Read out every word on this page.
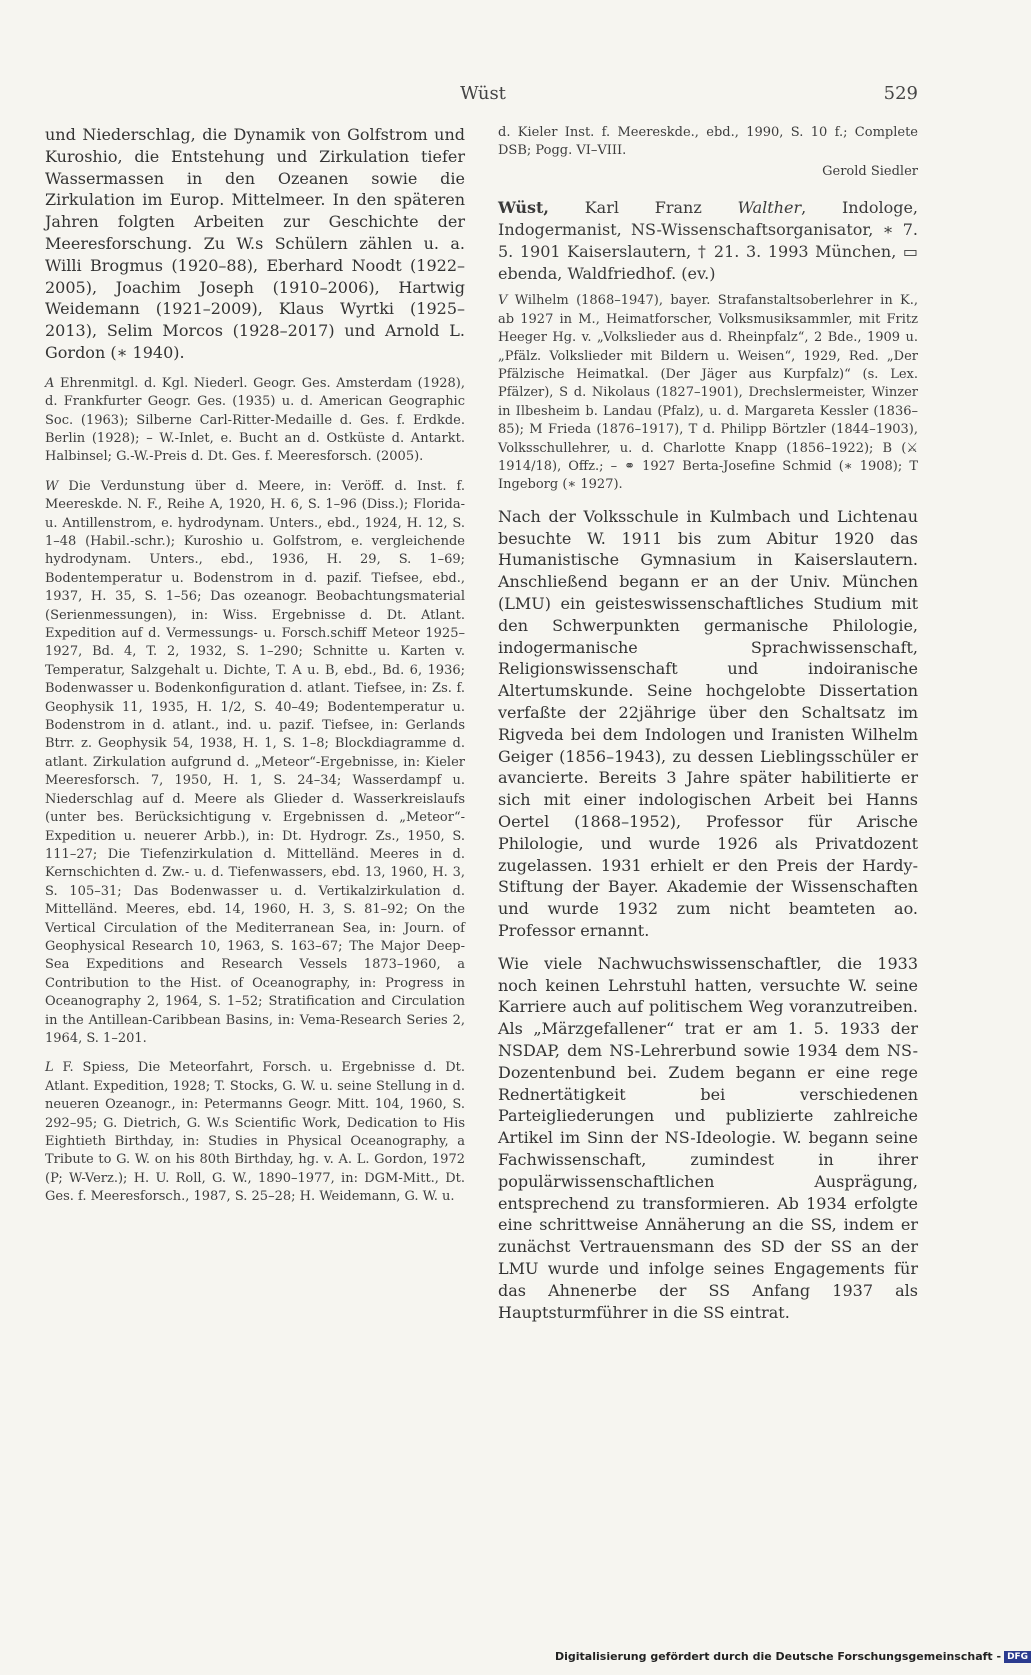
Wüst	529

und Niederschlag, die Dynamik von Golfstrom und Kuroshio, die Entstehung und Zirkulation tiefer Wassermassen in den Ozeanen sowie die Zirkulation im Europ. Mittelmeer. In den späteren Jahren folgten Arbeiten zur Geschichte der Meeresforschung. Zu W.s Schülern zählen u. a. Willi Brogmus (1920–88), Eberhard Noodt (1922–2005), Joachim Joseph (1910–2006), Hartwig Weidemann (1921–2009), Klaus Wyrtki (1925–2013), Selim Morcos (1928–2017) und Arnold L. Gordon (∗ 1940).

A Ehrenmitgl. d. Kgl. Niederl. Geogr. Ges. Amsterdam (1928), d. Frankfurter Geogr. Ges. (1935) u. d. American Geographic Soc. (1963); Silberne Carl-Ritter-Medaille d. Ges. f. Erdkde. Berlin (1928); – W.-Inlet, e. Bucht an d. Ostküste d. Antarkt. Halbinsel; G.-W.-Preis d. Dt. Ges. f. Meeresforsch. (2005).

W Die Verdunstung über d. Meere, in: Veröff. d. Inst. f. Meereskde. N. F., Reihe A, 1920, H. 6, S. 1–96 (Diss.); Florida- u. Antillenstrom, e. hydrodynam. Unters., ebd., 1924, H. 12, S. 1–48 (Habil.-schr.); Kuroshio u. Golfstrom, e. vergleichende hydrodynam. Unters., ebd., 1936, H. 29, S. 1–69; Bodentemperatur u. Bodenstrom in d. pazif. Tiefsee, ebd., 1937, H. 35, S. 1–56; Das ozeanogr. Beobachtungsmaterial (Serienmessungen), in: Wiss. Ergebnisse d. Dt. Atlant. Expedition auf d. Vermessungs- u. Forsch.schiff Meteor 1925–1927, Bd. 4, T. 2, 1932, S. 1–290; Schnitte u. Karten v. Temperatur, Salzgehalt u. Dichte, T. A u. B, ebd., Bd. 6, 1936; Bodenwasser u. Bodenkonfiguration d. atlant. Tiefsee, in: Zs. f. Geophysik 11, 1935, H. 1/2, S. 40–49; Bodentemperatur u. Bodenstrom in d. atlant., ind. u. pazif. Tiefsee, in: Gerlands Btrr. z. Geophysik 54, 1938, H. 1, S. 1–8; Blockdiagramme d. atlant. Zirkulation aufgrund d. „Meteor“-Ergebnisse, in: Kieler Meeresforsch. 7, 1950, H. 1, S. 24–34; Wasserdampf u. Niederschlag auf d. Meere als Glieder d. Wasserkreislaufs (unter bes. Berücksichtigung v. Ergebnissen d. „Meteor“-Expedition u. neuerer Arbb.), in: Dt. Hydrogr. Zs., 1950, S. 111–27; Die Tiefenzirkulation d. Mittelländ. Meeres in d. Kernschichten d. Zw.- u. d. Tiefenwassers, ebd. 13, 1960, H. 3, S. 105–31; Das Bodenwasser u. d. Vertikalzirkulation d. Mittelländ. Meeres, ebd. 14, 1960, H. 3, S. 81–92; On the Vertical Circulation of the Mediterranean Sea, in: Journ. of Geophysical Research 10, 1963, S. 163–67; The Major Deep-Sea Expeditions and Research Vessels 1873–1960, a Contribution to the Hist. of Oceanography, in: Progress in Oceanography 2, 1964, S. 1–52; Stratification and Circulation in the Antillean-Caribbean Basins, in: Vema-Research Series 2, 1964, S. 1–201.

L F. Spiess, Die Meteorfahrt, Forsch. u. Ergebnisse d. Dt. Atlant. Expedition, 1928; T. Stocks, G. W. u. seine Stellung in d. neueren Ozeanogr., in: Petermanns Geogr. Mitt. 104, 1960, S. 292–95; G. Dietrich, G. W.s Scientific Work, Dedication to His Eightieth Birthday, in: Studies in Physical Oceanography, a Tribute to G. W. on his 80th Birthday, hg. v. A. L. Gordon, 1972 (P; W-Verz.); H. U. Roll, G. W., 1890–1977, in: DGM-Mitt., Dt. Ges. f. Meeresforsch., 1987, S. 25–28; H. Weidemann, G. W. u.

d. Kieler Inst. f. Meereskde., ebd., 1990, S. 10 f.; Complete DSB; Pogg. VI–VIII.

Gerold Siedler

Wüst, Karl Franz Walther, Indologe, Indogermanist, NS-Wissenschaftsorganisator, ∗ 7. 5. 1901 Kaiserslautern, † 21. 3. 1993 München, ▭ ebenda, Waldfriedhof. (ev.)

V Wilhelm (1868–1947), bayer. Strafanstaltsoberlehrer in K., ab 1927 in M., Heimatforscher, Volksmusiksammler, mit Fritz Heeger Hg. v. „Volkslieder aus d. Rheinpfalz“, 2 Bde., 1909 u. „Pfälz. Volkslieder mit Bildern u. Weisen“, 1929, Red. „Der Pfälzische Heimatkal. (Der Jäger aus Kurpfalz)“ (s. Lex. Pfälzer), S d. Nikolaus (1827–1901), Drechslermeister, Winzer in Ilbesheim b. Landau (Pfalz), u. d. Margareta Kessler (1836–85); M Frieda (1876–1917), T d. Philipp Börtzler (1844–1903), Volksschullehrer, u. d. Charlotte Knapp (1856–1922); B (⚔ 1914/18), Offz.; – ⚭ 1927 Berta-Josefine Schmid (∗ 1908); T Ingeborg (∗ 1927).

Nach der Volksschule in Kulmbach und Lichtenau besuchte W. 1911 bis zum Abitur 1920 das Humanistische Gymnasium in Kaiserslautern. Anschließend begann er an der Univ. München (LMU) ein geisteswissenschaftliches Studium mit den Schwerpunkten germanische Philologie, indogermanische Sprachwissenschaft, Religionswissenschaft und indoiranische Altertumskunde. Seine hochgelobte Dissertation verfaßte der 22jährige über den Schaltsatz im Rigveda bei dem Indologen und Iranisten Wilhelm Geiger (1856–1943), zu dessen Lieblingsschüler er avancierte. Bereits 3 Jahre später habilitierte er sich mit einer indologischen Arbeit bei Hanns Oertel (1868–1952), Professor für Arische Philologie, und wurde 1926 als Privatdozent zugelassen. 1931 erhielt er den Preis der Hardy-Stiftung der Bayer. Akademie der Wissenschaften und wurde 1932 zum nicht beamteten ao. Professor ernannt.

Wie viele Nachwuchswissenschaftler, die 1933 noch keinen Lehrstuhl hatten, versuchte W. seine Karriere auch auf politischem Weg voranzutreiben. Als „Märzgefallener“ trat er am 1. 5. 1933 der NSDAP, dem NS-Lehrerbund sowie 1934 dem NS-Dozentenbund bei. Zudem begann er eine rege Rednertätigkeit bei verschiedenen Parteigliederungen und publizierte zahlreiche Artikel im Sinn der NS-Ideologie. W. begann seine Fachwissenschaft, zumindest in ihrer populärwissenschaftlichen Ausprägung, entsprechend zu transformieren. Ab 1934 erfolgte eine schrittweise Annäherung an die SS, indem er zunächst Vertrauensmann des SD der SS an der LMU wurde und infolge seines Engagements für das Ahnenerbe der SS Anfang 1937 als Hauptsturmführer in die SS eintrat.

Digitalisierung gefördert durch die Deutsche Forschungsgemeinschaft - DFG
